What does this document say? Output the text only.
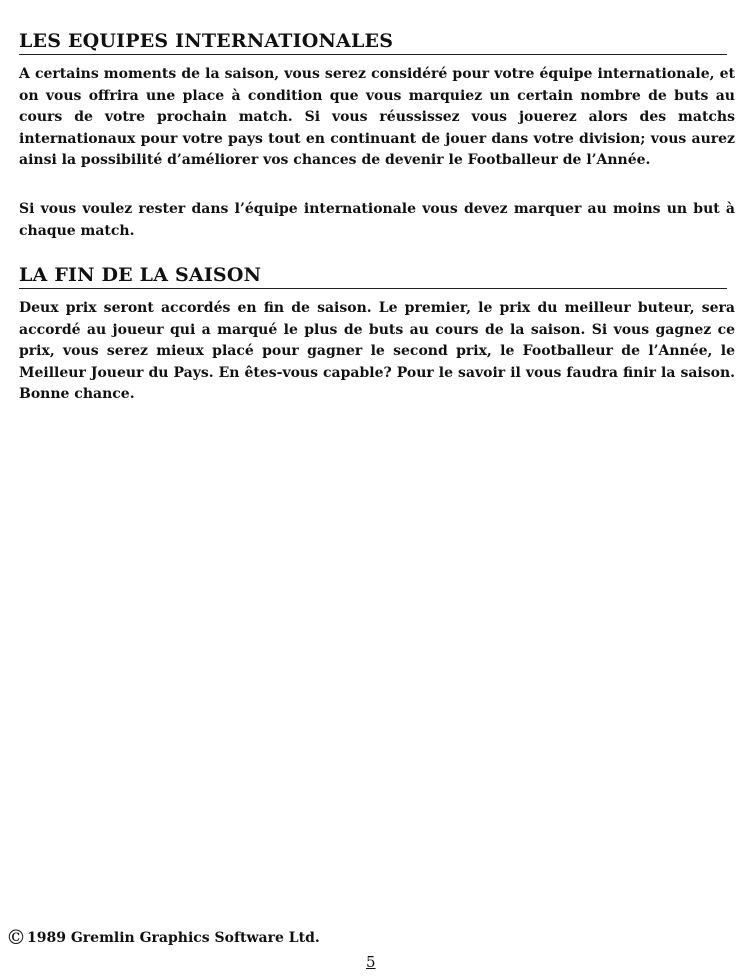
LES EQUIPES INTERNATIONALES

A certains moments de la saison, vous serez considéré pour votre équipe internationale, et on vous offrira une place à condition que vous marquiez un certain nombre de buts au cours de votre prochain match. Si vous réussissez vous jouerez alors des matchs internationaux pour votre pays tout en continuant de jouer dans votre division; vous aurez ainsi la possibilité d’améliorer vos chances de devenir le Footballeur de l’Année.

Si vous voulez rester dans l’équipe internationale vous devez marquer au moins un but à chaque match.

LA FIN DE LA SAISON

Deux prix seront accordés en fin de saison. Le premier, le prix du meilleur buteur, sera accordé au joueur qui a marqué le plus de buts au cours de la saison. Si vous gagnez ce prix, vous serez mieux placé pour gagner le second prix, le Footballeur de l’Année, le Meilleur Joueur du Pays. En êtes-vous capable? Pour le savoir il vous faudra finir la saison. Bonne chance.

©1989 Gremlin Graphics Software Ltd.
5
